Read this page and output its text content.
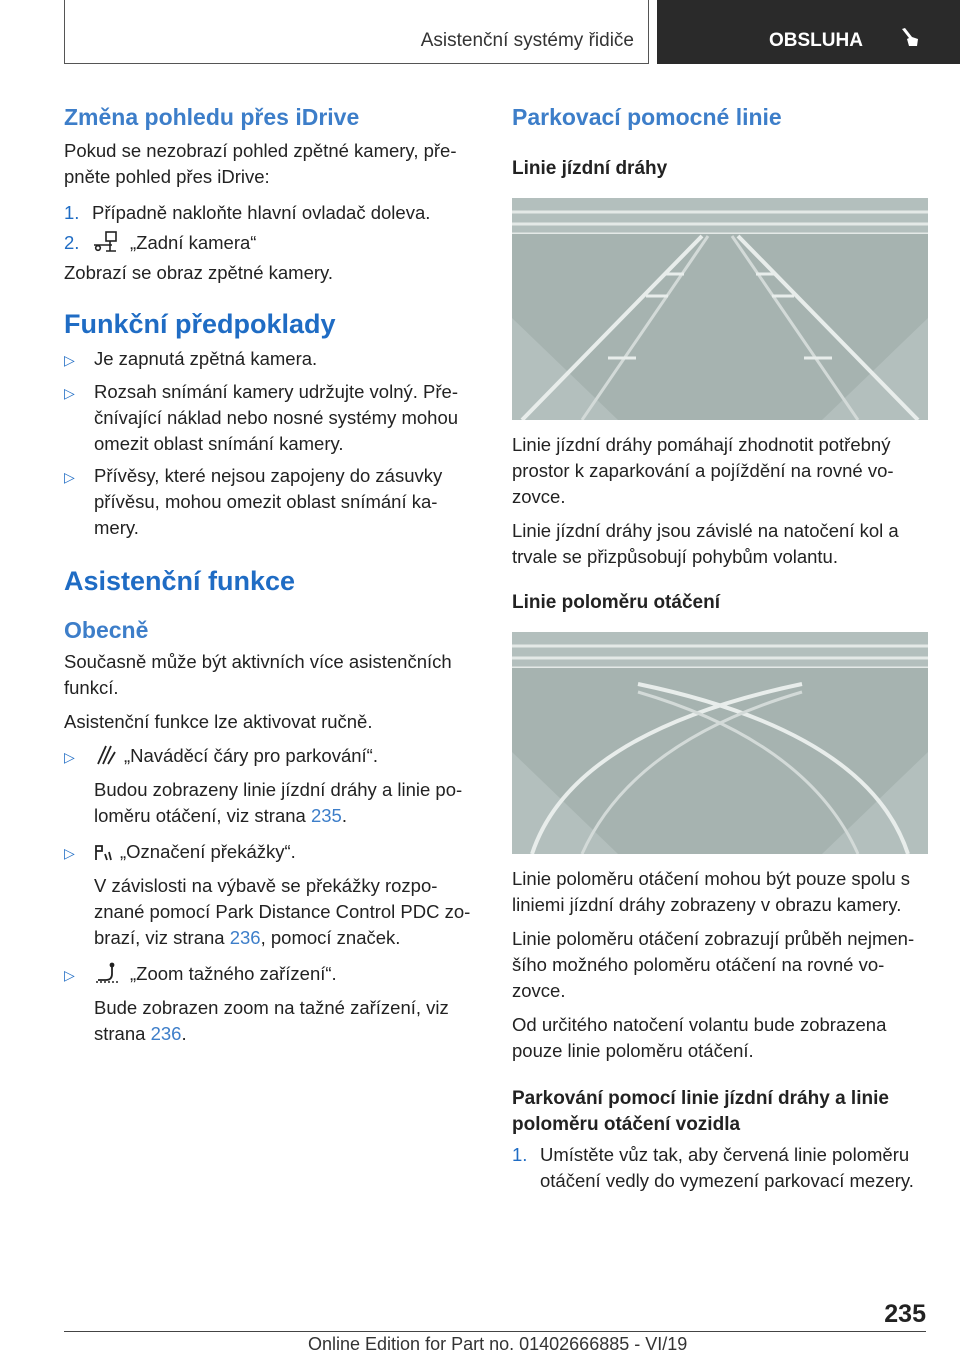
Asistenční systémy řidiče	OBSLUHA
Změna pohledu přes iDrive

Pokud se nezobrazí pohled zpětné kamery, pře-pněte pohled přes iDrive:

1. Případně nakloňte hlavní ovladač doleva.
2.	„Zadní kamera“

Zobrazí se obraz zpětné kamery.

Funkční předpoklady
▷	Je zapnutá zpětná kamera.
▷	Rozsah snímání kamery udržujte volný. Pře-čnívající náklad nebo nosné systémy mohou omezit oblast snímání kamery.
▷	Přívěsy, které nejsou zapojeny do zásuvky přívěsu, mohou omezit oblast snímání ka-mery.
Asistenční funkce
Obecně

Současně může být aktivních více asistenčních funkcí.

Asistenční funkce lze aktivovat ručně.

▷	„Naváděcí čáry pro parkování“.
Budou zobrazeny linie jízdní dráhy a linie po-loměru otáčení, viz strana 235.
▷	„Označení překážky“.
V závislosti na výbavě se překážky rozpo-znané pomocí Park Distance Control PDC zo-brazí, viz strana 236, pomocí značek.
▷	„Zoom tažného zařízení“.
Bude zobrazen zoom na tažné zařízení, viz strana 236.
Parkovací pomocné linie
Linie jízdní dráhy

Linie jízdní dráhy pomáhají zhodnotit potřebný prostor k zaparkování a pojíždění na rovné vo-zovce.

Linie jízdní dráhy jsou závislé na natočení kol a trvale se přizpůsobují pohybům volantu.

Linie poloměru otáčení

Linie poloměru otáčení mohou být pouze spolu s liniemi jízdní dráhy zobrazeny v obrazu kamery.

Linie poloměru otáčení zobrazují průběh nejmen-šího možného poloměru otáčení na rovné vo-zovce.

Od určitého natočení volantu bude zobrazena pouze linie poloměru otáčení.

Parkování pomocí linie jízdní dráhy a linie poloměru otáčení vozidla
1. Umístěte vůz tak, aby červená linie poloměru otáčení vedly do vymezení parkovací mezery.
235
Online Edition for Part no. 01402666885 - VI/19
